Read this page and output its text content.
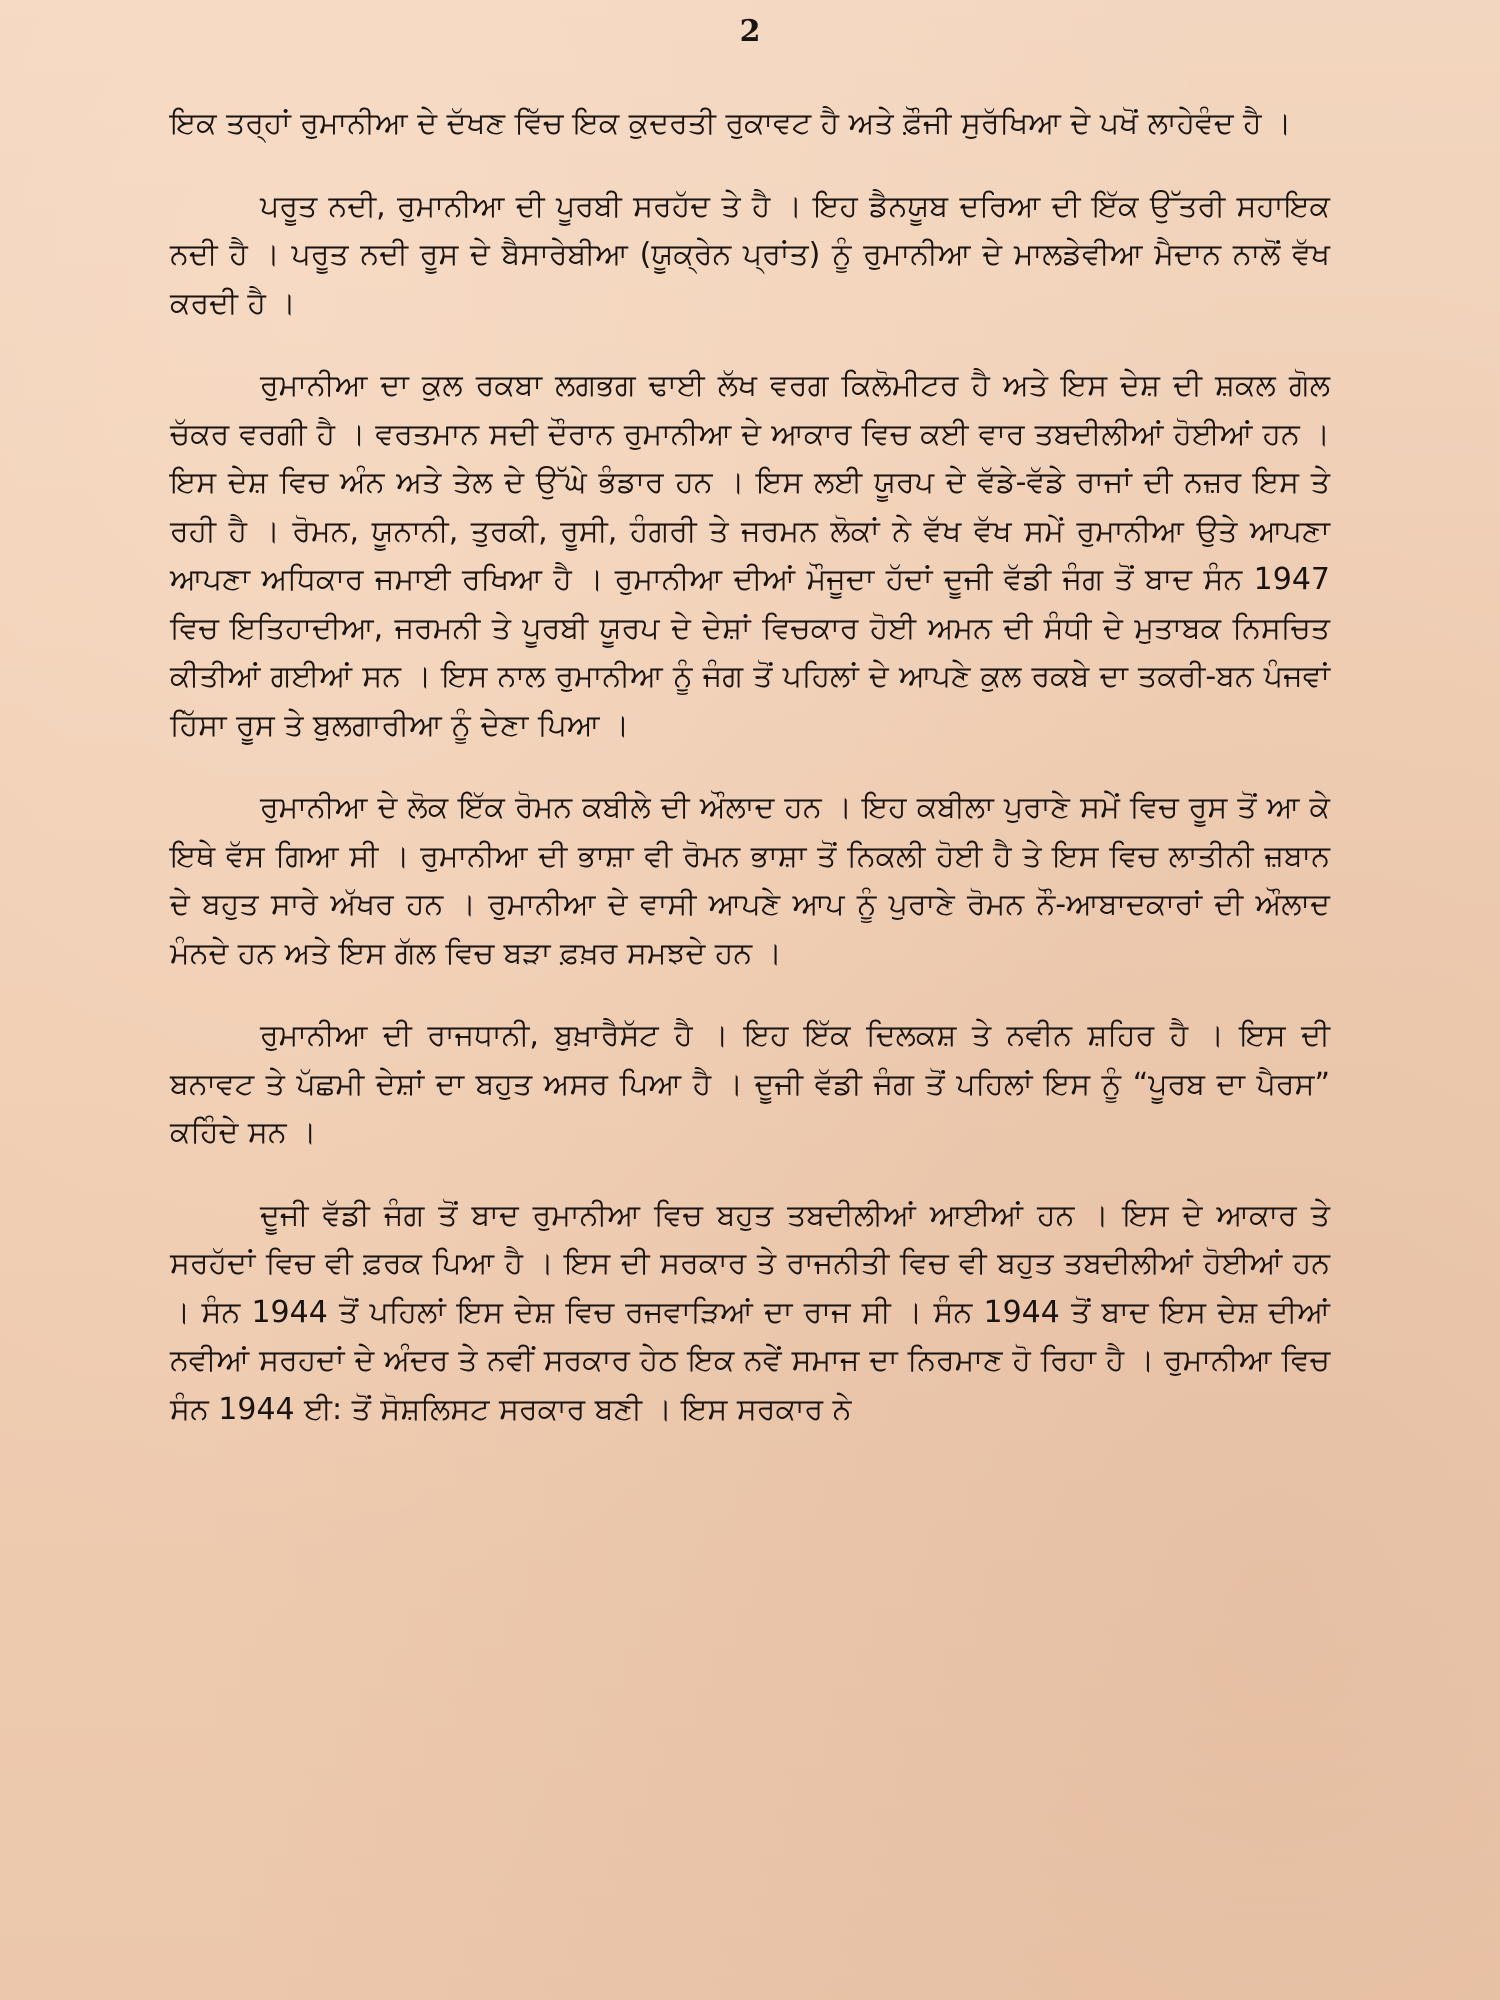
2

ਇਕ ਤਰ੍ਹਾਂ ਰੁਮਾਨੀਆ ਦੇ ਦੱਖਣ ਵਿੱਚ ਇਕ ਕੁਦਰਤੀ ਰੁਕਾਵਟ ਹੈ ਅਤੇ ਫ਼ੌਜੀ ਸੁਰੱਖਿਆ ਦੇ ਪਖੋਂ ਲਾਹੇਵੰਦ ਹੈ ।

ਪਰੂਤ ਨਦੀ, ਰੁਮਾਨੀਆ ਦੀ ਪੂਰਬੀ ਸਰਹੱਦ ਤੇ ਹੈ । ਇਹ ਡੈਨਯੂਬ ਦਰਿਆ ਦੀ ਇੱਕ ਉੱਤਰੀ ਸਹਾਇਕ ਨਦੀ ਹੈ । ਪਰੂਤ ਨਦੀ ਰੂਸ ਦੇ ਬੈਸਾਰੇਬੀਆ (ਯੂਕ੍ਰੇਨ ਪ੍ਰਾਂਤ) ਨੂੰ ਰੁਮਾਨੀਆ ਦੇ ਮਾਲਡੇਵੀਆ ਮੈਦਾਨ ਨਾਲੋਂ ਵੱਖ ਕਰਦੀ ਹੈ ।

ਰੁਮਾਨੀਆ ਦਾ ਕੁਲ ਰਕਬਾ ਲਗਭਗ ਢਾਈ ਲੱਖ ਵਰਗ ਕਿਲੋਮੀਟਰ ਹੈ ਅਤੇ ਇਸ ਦੇਸ਼ ਦੀ ਸ਼ਕਲ ਗੋਲ ਚੱਕਰ ਵਰਗੀ ਹੈ । ਵਰਤਮਾਨ ਸਦੀ ਦੌਰਾਨ ਰੁਮਾਨੀਆ ਦੇ ਆਕਾਰ ਵਿਚ ਕਈ ਵਾਰ ਤਬਦੀਲੀਆਂ ਹੋਈਆਂ ਹਨ । ਇਸ ਦੇਸ਼ ਵਿਚ ਅੰਨ ਅਤੇ ਤੇਲ ਦੇ ਉੱਘੇ ਭੰਡਾਰ ਹਨ । ਇਸ ਲਈ ਯੂਰਪ ਦੇ ਵੱਡੇ-ਵੱਡੇ ਰਾਜਾਂ ਦੀ ਨਜ਼ਰ ਇਸ ਤੇ ਰਹੀ ਹੈ । ਰੋਮਨ, ਯੂਨਾਨੀ, ਤੁਰਕੀ, ਰੂਸੀ, ਹੰਗਰੀ ਤੇ ਜਰਮਨ ਲੋਕਾਂ ਨੇ ਵੱਖ ਵੱਖ ਸਮੇਂ ਰੁਮਾਨੀਆ ਉਤੇ ਆਪਣਾ ਆਪਣਾ ਅਧਿਕਾਰ ਜਮਾਈ ਰਖਿਆ ਹੈ । ਰੁਮਾਨੀਆ ਦੀਆਂ ਮੌਜੂਦਾ ਹੱਦਾਂ ਦੂਜੀ ਵੱਡੀ ਜੰਗ ਤੋਂ ਬਾਦ ਸੰਨ 1947 ਵਿਚ ਇਤਿਹਾਦੀਆ, ਜਰਮਨੀ ਤੇ ਪੂਰਬੀ ਯੂਰਪ ਦੇ ਦੇਸ਼ਾਂ ਵਿਚਕਾਰ ਹੋਈ ਅਮਨ ਦੀ ਸੰਧੀ ਦੇ ਮੁਤਾਬਕ ਨਿਸਚਿਤ ਕੀਤੀਆਂ ਗਈਆਂ ਸਨ । ਇਸ ਨਾਲ ਰੁਮਾਨੀਆ ਨੂੰ ਜੰਗ ਤੋਂ ਪਹਿਲਾਂ ਦੇ ਆਪਣੇ ਕੁਲ ਰਕਬੇ ਦਾ ਤਕਰੀ-ਬਨ ਪੰਜਵਾਂ ਹਿੱਸਾ ਰੂਸ ਤੇ ਬੁਲਗਾਰੀਆ ਨੂੰ ਦੇਣਾ ਪਿਆ ।

ਰੁਮਾਨੀਆ ਦੇ ਲੋਕ ਇੱਕ ਰੋਮਨ ਕਬੀਲੇ ਦੀ ਔਲਾਦ ਹਨ । ਇਹ ਕਬੀਲਾ ਪੁਰਾਣੇ ਸਮੇਂ ਵਿਚ ਰੂਸ ਤੋਂ ਆ ਕੇ ਇਥੇ ਵੱਸ ਗਿਆ ਸੀ । ਰੁਮਾਨੀਆ ਦੀ ਭਾਸ਼ਾ ਵੀ ਰੋਮਨ ਭਾਸ਼ਾ ਤੋਂ ਨਿਕਲੀ ਹੋਈ ਹੈ ਤੇ ਇਸ ਵਿਚ ਲਾਤੀਨੀ ਜ਼ਬਾਨ ਦੇ ਬਹੁਤ ਸਾਰੇ ਅੱਖਰ ਹਨ । ਰੁਮਾਨੀਆ ਦੇ ਵਾਸੀ ਆਪਣੇ ਆਪ ਨੂੰ ਪੁਰਾਣੇ ਰੋਮਨ ਨੌ-ਆਬਾਦਕਾਰਾਂ ਦੀ ਔਲਾਦ ਮੰਨਦੇ ਹਨ ਅਤੇ ਇਸ ਗੱਲ ਵਿਚ ਬੜਾ ਫ਼ਖ਼ਰ ਸਮਝਦੇ ਹਨ ।

ਰੁਮਾਨੀਆ ਦੀ ਰਾਜਧਾਨੀ, ਬੁਖ਼ਾਰੈਸੱਟ ਹੈ । ਇਹ ਇੱਕ ਦਿਲਕਸ਼ ਤੇ ਨਵੀਨ ਸ਼ਹਿਰ ਹੈ । ਇਸ ਦੀ ਬਨਾਵਟ ਤੇ ਪੱਛਮੀ ਦੇਸ਼ਾਂ ਦਾ ਬਹੁਤ ਅਸਰ ਪਿਆ ਹੈ । ਦੂਜੀ ਵੱਡੀ ਜੰਗ ਤੋਂ ਪਹਿਲਾਂ ਇਸ ਨੂੰ “ਪੂਰਬ ਦਾ ਪੈਰਸ” ਕਹਿੰਦੇ ਸਨ ।

ਦੂਜੀ ਵੱਡੀ ਜੰਗ ਤੋਂ ਬਾਦ ਰੁਮਾਨੀਆ ਵਿਚ ਬਹੁਤ ਤਬਦੀਲੀਆਂ ਆਈਆਂ ਹਨ । ਇਸ ਦੇ ਆਕਾਰ ਤੇ ਸਰਹੱਦਾਂ ਵਿਚ ਵੀ ਫ਼ਰਕ ਪਿਆ ਹੈ । ਇਸ ਦੀ ਸਰਕਾਰ ਤੇ ਰਾਜਨੀਤੀ ਵਿਚ ਵੀ ਬਹੁਤ ਤਬਦੀਲੀਆਂ ਹੋਈਆਂ ਹਨ । ਸੰਨ 1944 ਤੋਂ ਪਹਿਲਾਂ ਇਸ ਦੇਸ਼ ਵਿਚ ਰਜਵਾੜਿਆਂ ਦਾ ਰਾਜ ਸੀ । ਸੰਨ 1944 ਤੋਂ ਬਾਦ ਇਸ ਦੇਸ਼ ਦੀਆਂ ਨਵੀਆਂ ਸਰਹਦਾਂ ਦੇ ਅੰਦਰ ਤੇ ਨਵੀਂ ਸਰਕਾਰ ਹੇਠ ਇਕ ਨਵੇਂ ਸਮਾਜ ਦਾ ਨਿਰਮਾਣ ਹੋ ਰਿਹਾ ਹੈ । ਰੁਮਾਨੀਆ ਵਿਚ ਸੰਨ 1944 ਈ: ਤੋਂ ਸੋਸ਼ਲਿਸਟ ਸਰਕਾਰ ਬਣੀ । ਇਸ ਸਰਕਾਰ ਨੇ
